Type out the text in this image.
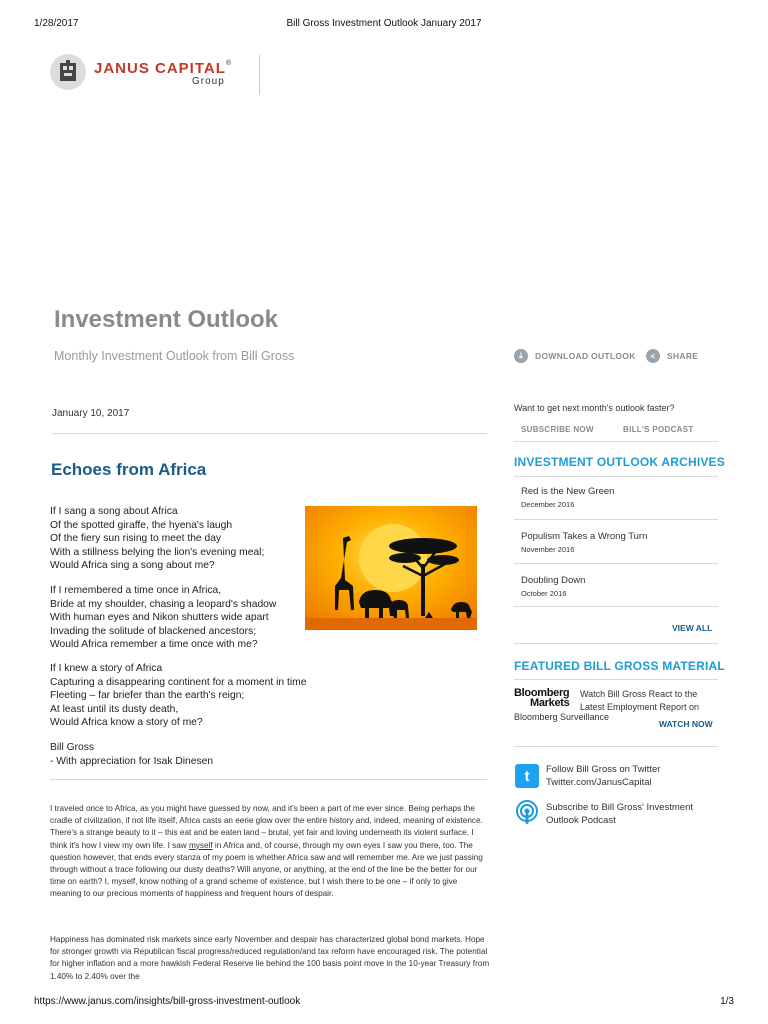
1/28/2017	Bill Gross Investment Outlook January 2017
JANUS CAPITAL®
Group
Investment Outlook
Monthly Investment Outlook from Bill Gross	⤓	DOWNLOAD OUTLOOK	<	SHARE
January 10, 2017
Echoes from Africa
If I sang a song about Africa
Of the spotted giraffe, the hyena's laugh
Of the fiery sun rising to meet the day
With a stillness belying the lion's evening meal;
Would Africa sing a song about me?
If I remembered a time once in Africa,
Bride at my shoulder, chasing a leopard's shadow
With human eyes and Nikon shutters wide apart
Invading the solitude of blackened ancestors;
Would Africa remember a time once with me?
If I knew a story of Africa
Capturing a disappearing continent for a moment in time
Fleeting – far briefer than the earth's reign;
At least until its dusty death,
Would Africa know a story of me?
Bill Gross
- With appreciation for Isak Dinesen
I traveled once to Africa, as you might have guessed by now, and it's been a part of me ever since. Being perhaps the cradle of civilization, if not life itself, Africa casts an eerie glow over the entire history and, indeed, meaning of existence. There's a strange beauty to it – this eat and be eaten land – brutal, yet fair and loving underneath its violent surface. I think it's how I view my own life. I saw myself in Africa and, of course, through my own eyes I saw you there, too. The question however, that ends every stanza of my poem is whether Africa saw and will remember me. Are we just passing through without a trace following our dusty deaths? Will anyone, or anything, at the end of the line be the better for our time on earth? I, myself, know nothing of a grand scheme of existence, but I wish there to be one – if only to give meaning to our precious moments of happiness and frequent hours of despair.
Happiness has dominated risk markets since early November and despair has characterized global bond markets. Hope for stronger growth via Republican fiscal progress/reduced regulation/and tax reform have encouraged risk. The potential for higher inflation and a more hawkish Federal Reserve lie behind the 100 basis point move in the 10-year Treasury from 1.40% to 2.40% over the
Want to get next month's outlook faster?
SUBSCRIBE NOW	BILL'S PODCAST
INVESTMENT OUTLOOK ARCHIVES
Red is the New Green
December 2016
Populism Takes a Wrong Turn
November 2016
Doubling Down
October 2016
VIEW ALL
FEATURED BILL GROSS MATERIAL
Bloomberg
Markets
Watch Bill Gross React to the Latest Employment Report on
Bloomberg Surveillance
WATCH NOW
t	Follow Bill Gross on Twitter
Twitter.com/JanusCapital
Subscribe to Bill Gross' Investment Outlook Podcast
https://www.janus.com/insights/bill-gross-investment-outlook	1/3
